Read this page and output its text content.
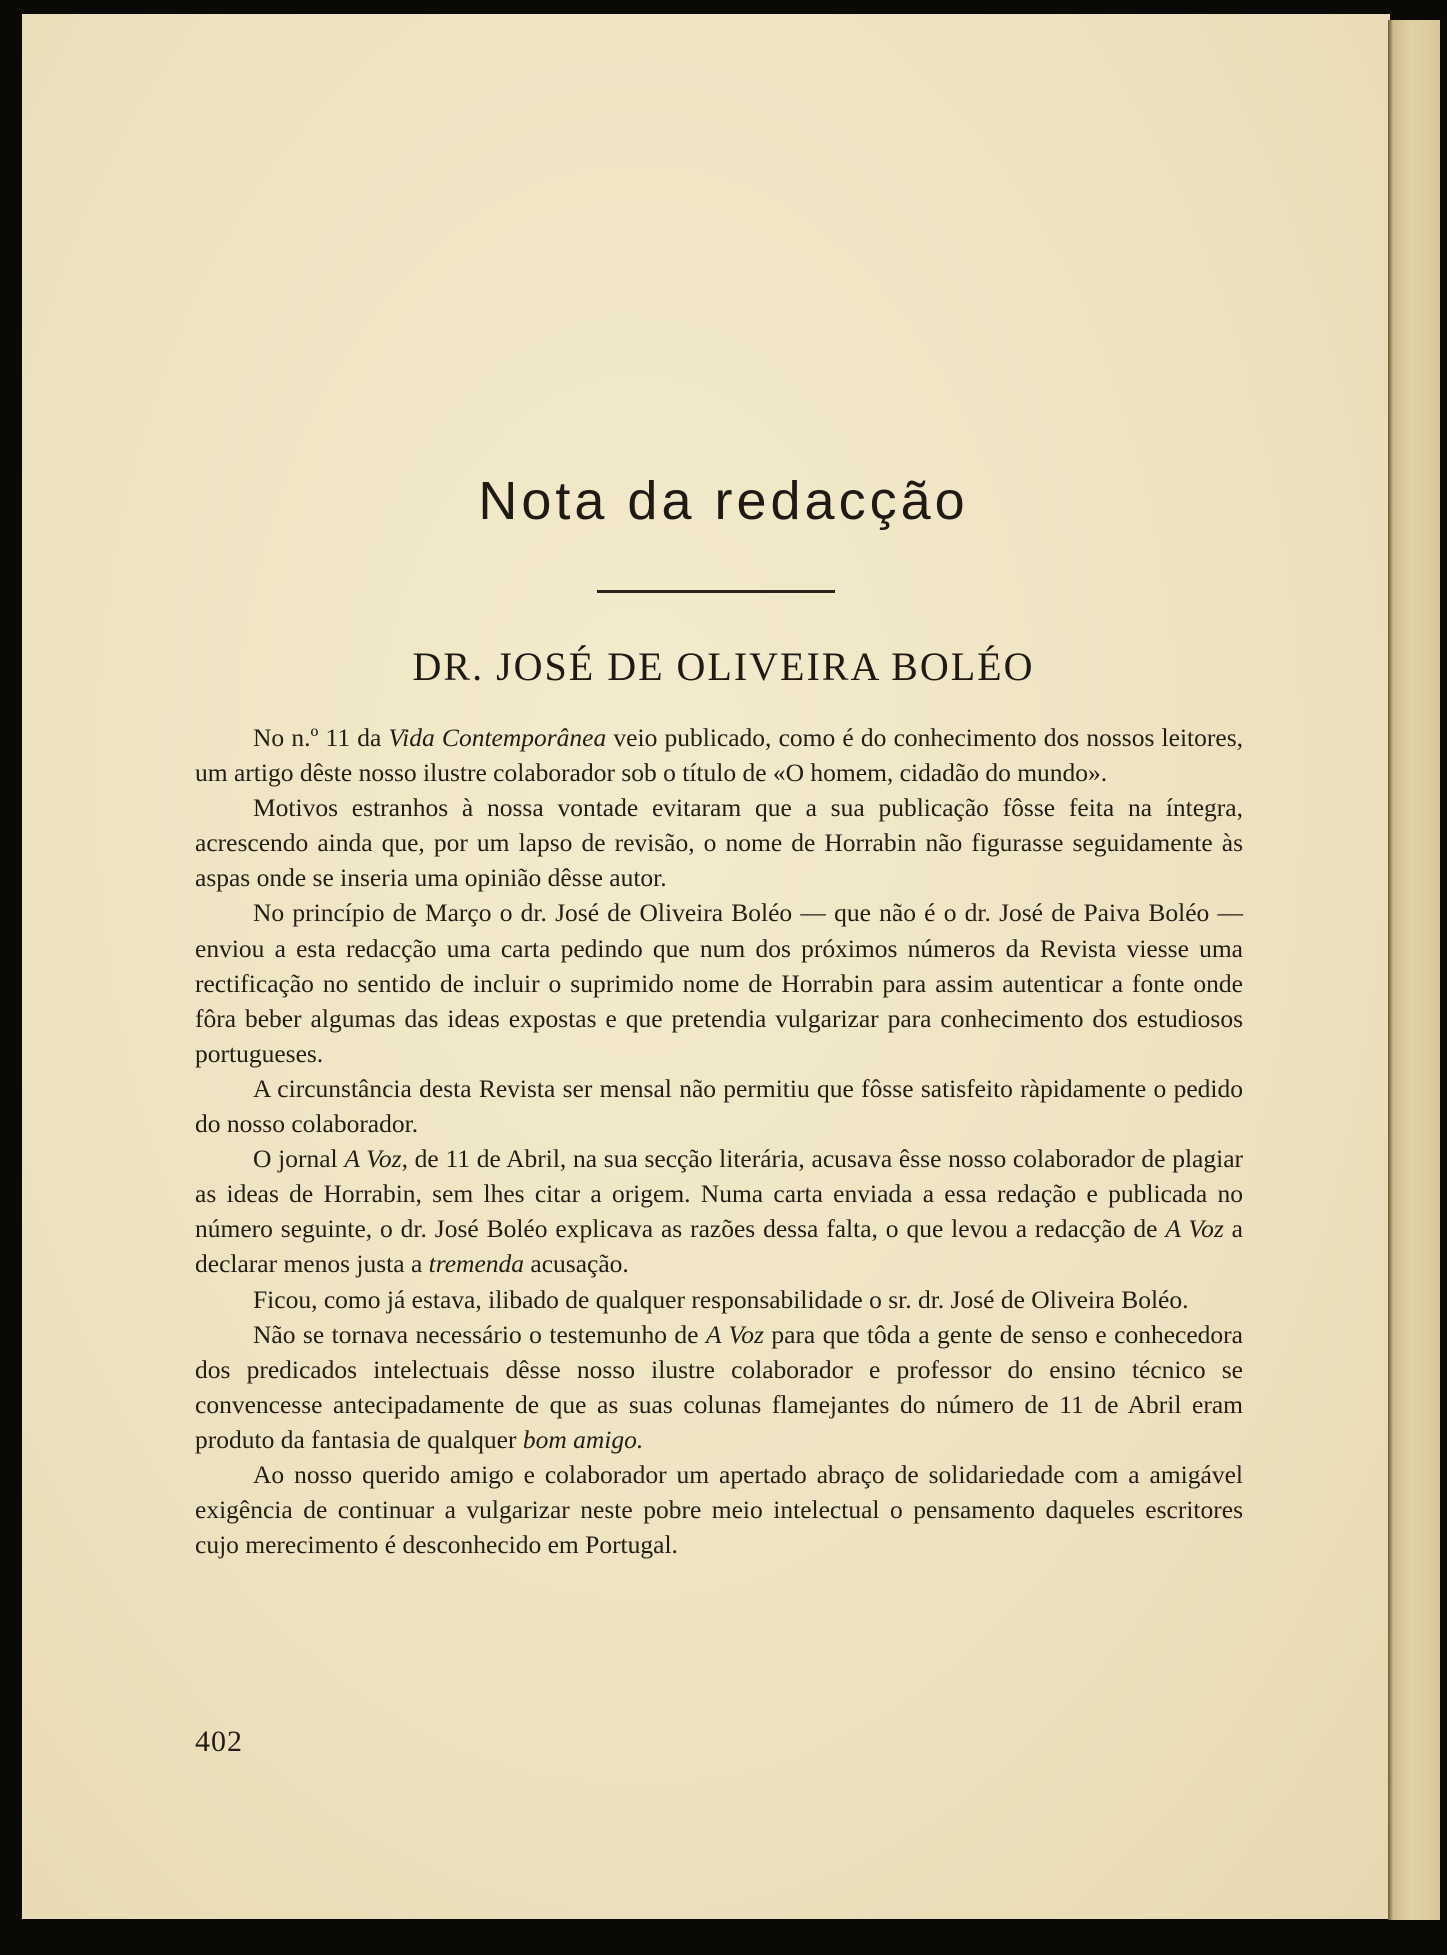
Nota da redacção
DR. JOSÉ DE OLIVEIRA BOLÉO

No n.º 11 da Vida Contemporânea veio publicado, como é do conhecimento dos nossos leitores, um artigo dêste nosso ilustre colaborador sob o título de «O homem, cidadão do mundo».

Motivos estranhos à nossa vontade evitaram que a sua publicação fôsse feita na íntegra, acrescendo ainda que, por um lapso de revisão, o nome de Horrabin não figurasse seguidamente às aspas onde se inseria uma opinião dêsse autor.

No princípio de Março o dr. José de Oliveira Boléo — que não é o dr. José de Paiva Boléo — enviou a esta redacção uma carta pedindo que num dos próximos números da Revista viesse uma rectificação no sentido de incluir o suprimido nome de Horrabin para assim autenticar a fonte onde fôra beber algumas das ideas expostas e que pretendia vulgarizar para conhecimento dos estudiosos portugueses.

A circunstância desta Revista ser mensal não permitiu que fôsse satisfeito ràpidamente o pedido do nosso colaborador.

O jornal A Voz, de 11 de Abril, na sua secção literária, acusava êsse nosso colaborador de plagiar as ideas de Horrabin, sem lhes citar a origem. Numa carta enviada a essa redação e publicada no número seguinte, o dr. José Boléo explicava as razões dessa falta, o que levou a redacção de A Voz a declarar menos justa a tremenda acusação.

Ficou, como já estava, ilibado de qualquer responsabilidade o sr. dr. José de Oliveira Boléo.

Não se tornava necessário o testemunho de A Voz para que tôda a gente de senso e conhecedora dos predicados intelectuais dêsse nosso ilustre colaborador e professor do ensino técnico se convencesse antecipadamente de que as suas colunas flamejantes do número de 11 de Abril eram produto da fantasia de qualquer bom amigo.

Ao nosso querido amigo e colaborador um apertado abraço de solidariedade com a amigável exigência de continuar a vulgarizar neste pobre meio intelectual o pensamento daqueles escritores cujo merecimento é desconhecido em Portugal.

402
